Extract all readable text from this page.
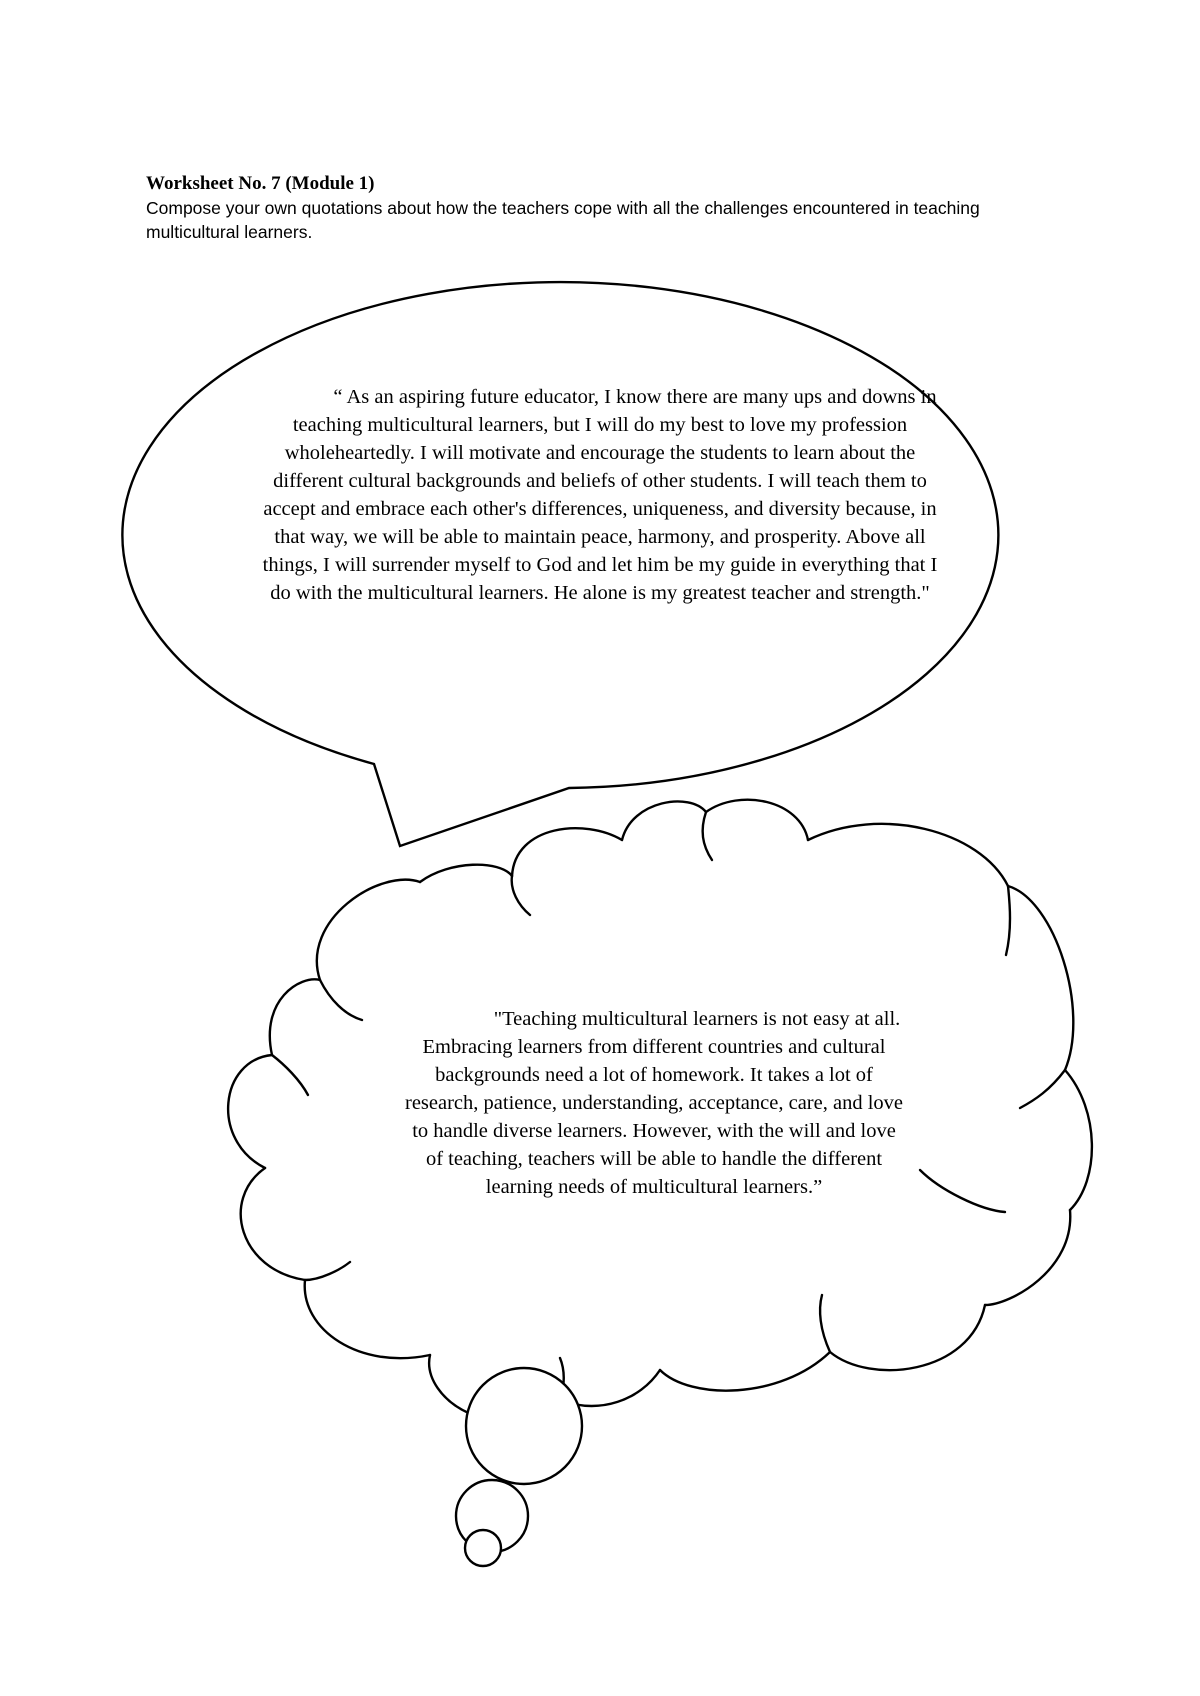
Worksheet No. 7 (Module 1)

Compose your own quotations about how the teachers cope with all the challenges encountered in teaching multicultural learners.

“ As an aspiring future educator, I know there are many ups and downs in teaching multicultural learners, but I will do my best to love my profession wholeheartedly. I will motivate and encourage the students to learn about the different cultural backgrounds and beliefs of other students. I will teach them to accept and embrace each other's differences, uniqueness, and diversity because, in that way, we will be able to maintain peace, harmony, and prosperity. Above all things, I will surrender myself to God and let him be my guide in everything that I do with the multicultural learners. He alone is my greatest teacher and strength."

"Teaching multicultural learners is not easy at all. Embracing learners from different countries and cultural backgrounds need a lot of homework. It takes a lot of research, patience, understanding, acceptance, care, and love to handle diverse learners. However, with the will and love of teaching, teachers will be able to handle the different learning needs of multicultural learners.”
